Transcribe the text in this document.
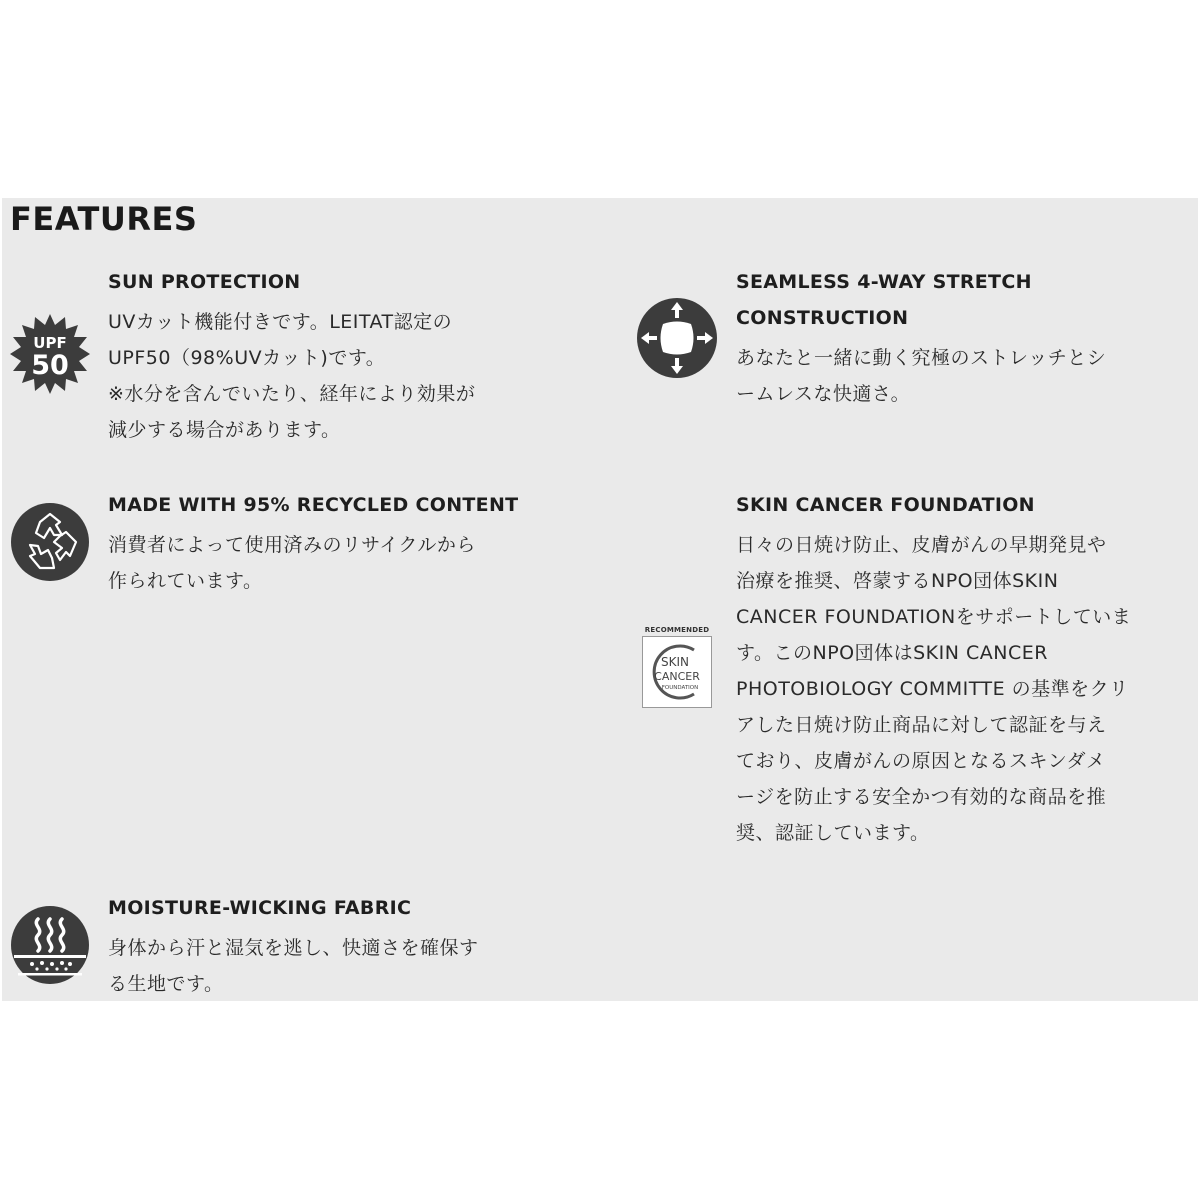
FEATURES
UPF
50
SUN PROTECTION
UVカット機能付きです。LEITAT認定の
UPF50（98%UVカット)です。
※水分を含んでいたり、経年により効果が
減少する場合があります。
MADE WITH 95% RECYCLED CONTENT
消費者によって使用済みのリサイクルから
作られています。
MOISTURE-WICKING FABRIC
身体から汗と湿気を逃し、快適さを確保す
る生地です。
SEAMLESS 4-WAY STRETCH
CONSTRUCTION
あなたと一緒に動く究極のストレッチとシ
ームレスな快適さ。
RECOMMENDED
SKIN
CANCER
FOUNDATION
SKIN CANCER FOUNDATION
日々の日焼け防止、皮膚がんの早期発見や
治療を推奨、啓蒙するNPO団体SKIN
CANCER FOUNDATIONをサポートしていま
す。このNPO団体はSKIN CANCER
PHOTOBIOLOGY COMMITTE の基準をクリ
アした日焼け防止商品に対して認証を与え
ており、皮膚がんの原因となるスキンダメ
ージを防止する安全かつ有効的な商品を推
奨、認証しています。
